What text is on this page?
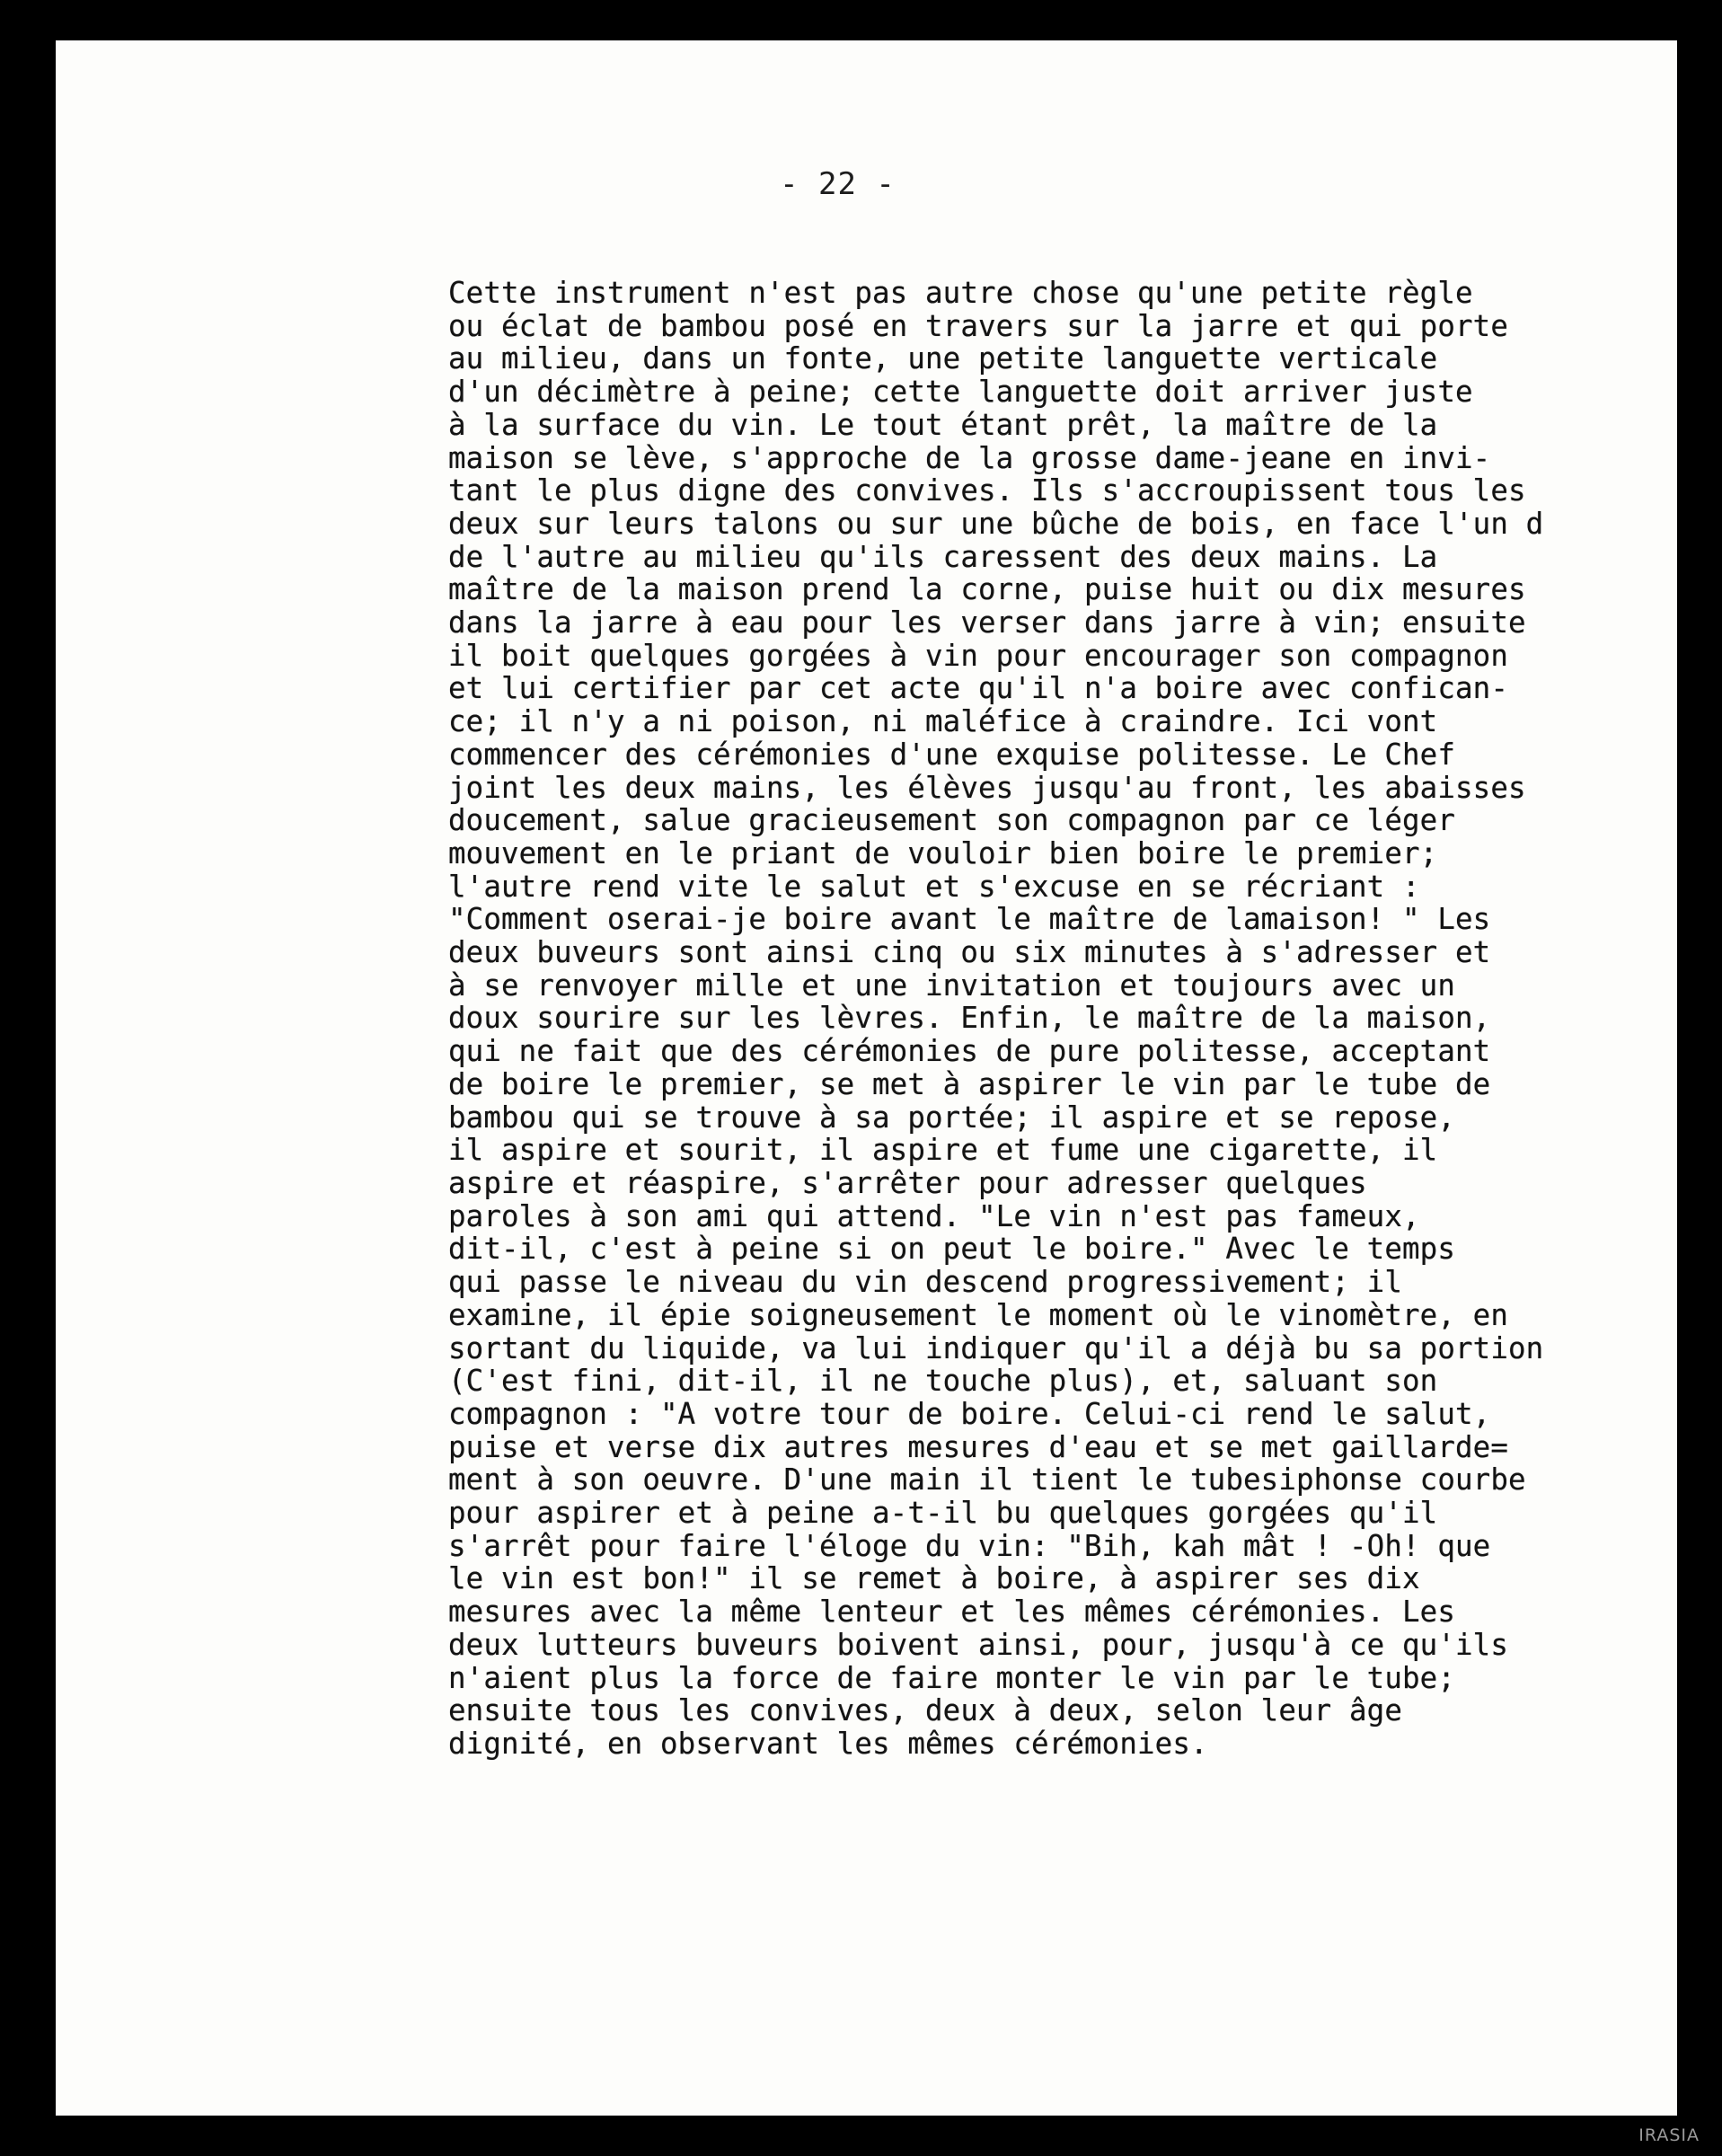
- 22 -
Cette instrument n'est pas autre chose qu'une petite règle
ou éclat de bambou posé en travers sur la jarre et qui porte
au milieu, dans un fonte, une petite languette verticale
d'un décimètre à peine; cette languette doit arriver juste
à la surface du vin. Le tout étant prêt, la maître de la
maison se lève, s'approche de la grosse dame-jeane en invi-
tant le plus digne des convives. Ils s'accroupissent tous les
deux sur leurs talons ou sur une bûche de bois, en face l'un d
de l'autre au milieu qu'ils caressent des deux mains. La
maître de la maison prend la corne, puise huit ou dix mesures
dans la jarre à eau pour les verser dans jarre à vin; ensuite
il boit quelques gorgées à vin pour encourager son compagnon
et lui certifier par cet acte qu'il n'a boire avec confican-
ce; il n'y a ni poison, ni maléfice à craindre. Ici vont
commencer des cérémonies d'une exquise politesse. Le Chef
joint les deux mains, les élèves jusqu'au front, les abaisses
doucement, salue gracieusement son compagnon par ce léger
mouvement en le priant de vouloir bien boire le premier;
l'autre rend vite le salut et s'excuse en se récriant :
"Comment oserai-je boire avant le maître de lamaison! " Les
deux buveurs sont ainsi cinq ou six minutes à s'adresser et
à se renvoyer mille et une invitation et toujours avec un
doux sourire sur les lèvres. Enfin, le maître de la maison,
qui ne fait que des cérémonies de pure politesse, acceptant
de boire le premier, se met à aspirer le vin par le tube de
bambou qui se trouve à sa portée; il aspire et se repose,
il aspire et sourit, il aspire et fume une cigarette, il
aspire et réaspire, s'arrêter pour adresser quelques
paroles à son ami qui attend. "Le vin n'est pas fameux,
dit-il, c'est à peine si on peut le boire." Avec le temps
qui passe le niveau du vin descend progressivement; il
examine, il épie soigneusement le moment où le vinomètre, en
sortant du liquide, va lui indiquer qu'il a déjà bu sa portion
(C'est fini, dit-il, il ne touche plus), et, saluant son
compagnon : "A votre tour de boire. Celui-ci rend le salut,
puise et verse dix autres mesures d'eau et se met gaillarde=
ment à son oeuvre. D'une main il tient le tubesiphonse courbe
pour aspirer et à peine a-t-il bu quelques gorgées qu'il
s'arrêt pour faire l'éloge du vin: "Bih, kah mât ! -Oh! que
le vin est bon!" il se remet à boire, à aspirer ses dix
mesures avec la même lenteur et les mêmes cérémonies. Les
deux lutteurs buveurs boivent ainsi, pour, jusqu'à ce qu'ils
n'aient plus la force de faire monter le vin par le tube;
ensuite tous les convives, deux à deux, selon leur âge
dignité, en observant les mêmes cérémonies.
IRASIA
